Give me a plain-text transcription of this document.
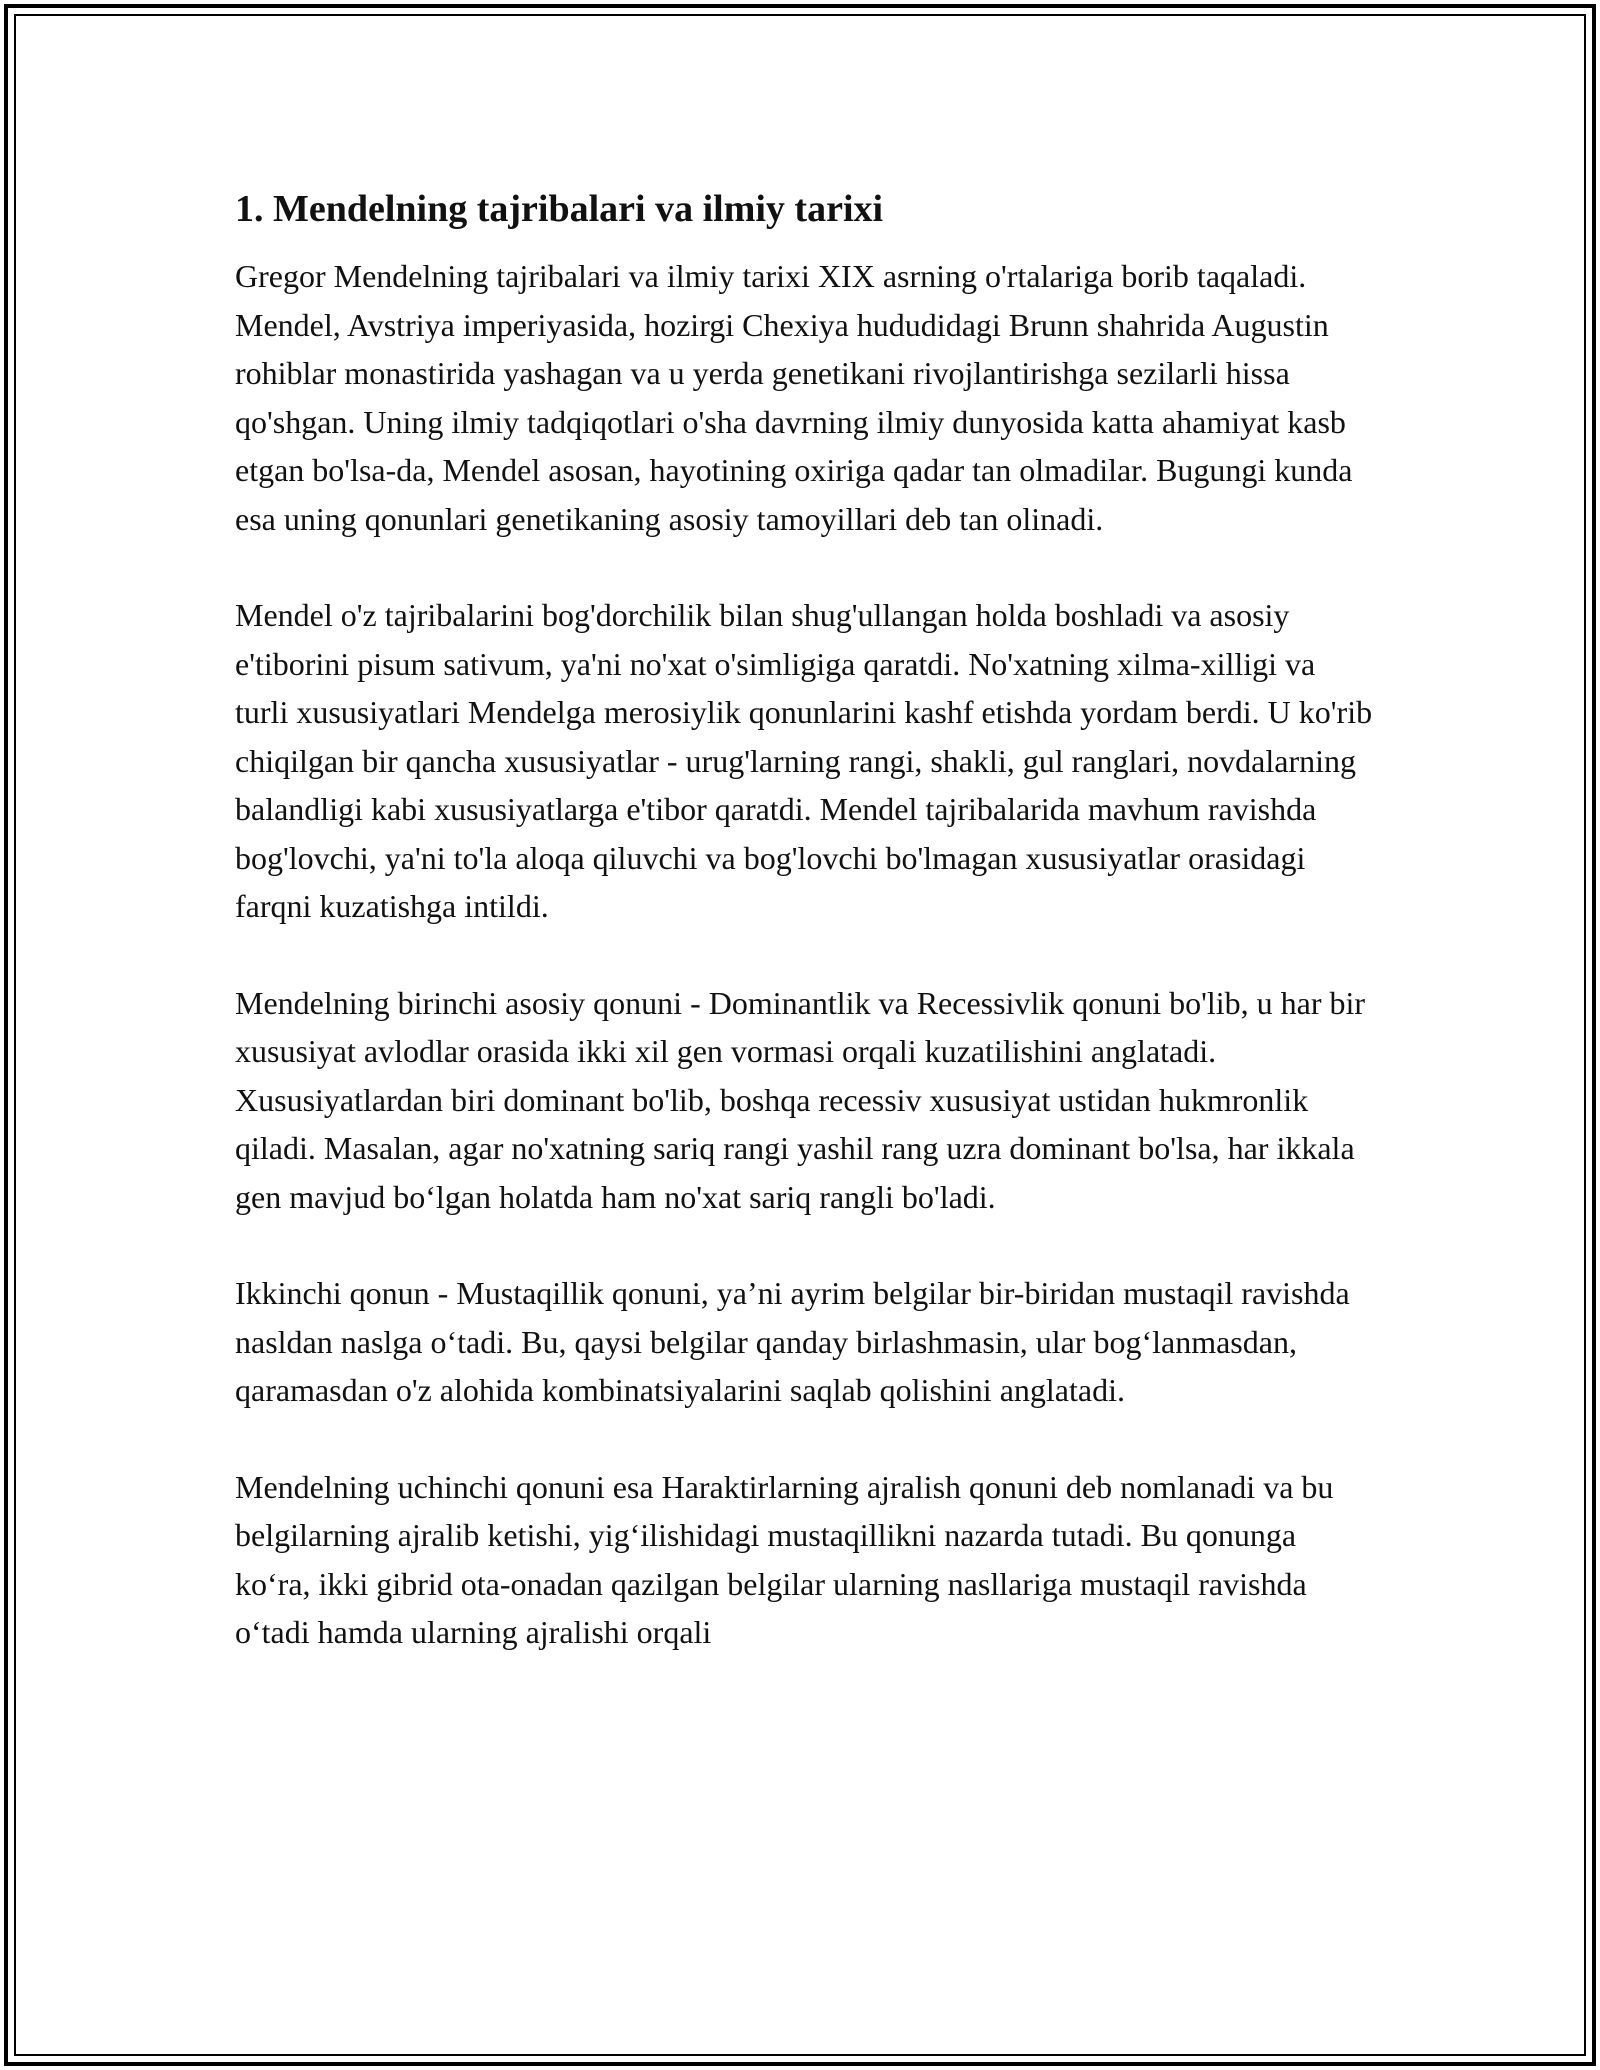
1. Mendelning tajribalari va ilmiy tarixi

Gregor Mendelning tajribalari va ilmiy tarixi XIX asrning o'rtalariga borib taqaladi. Mendel, Avstriya imperiyasida, hozirgi Chexiya hududidagi Brunn shahrida Augustin rohiblar monastirida yashagan va u yerda genetikani rivojlantirishga sezilarli hissa qo'shgan. Uning ilmiy tadqiqotlari o'sha davrning ilmiy dunyosida katta ahamiyat kasb etgan bo'lsa-da, Mendel asosan, hayotining oxiriga qadar tan olmadilar. Bugungi kunda esa uning qonunlari genetikaning asosiy tamoyillari deb tan olinadi.

Mendel o'z tajribalarini bog'dorchilik bilan shug'ullangan holda boshladi va asosiy e'tiborini pisum sativum, ya'ni no'xat o'simligiga qaratdi. No'xatning xilma-xilligi va turli xususiyatlari Mendelga merosiylik qonunlarini kashf etishda yordam berdi. U ko'rib chiqilgan bir qancha xususiyatlar - urug'larning rangi, shakli, gul ranglari, novdalarning balandligi kabi xususiyatlarga e'tibor qaratdi. Mendel tajribalarida mavhum ravishda bog'lovchi, ya'ni to'la aloqa qiluvchi va bog'lovchi bo'lmagan xususiyatlar orasidagi farqni kuzatishga intildi.

Mendelning birinchi asosiy qonuni - Dominantlik va Recessivlik qonuni bo'lib, u har bir xususiyat avlodlar orasida ikki xil gen vormasi orqali kuzatilishini anglatadi. Xususiyatlardan biri dominant bo'lib, boshqa recessiv xususiyat ustidan hukmronlik qiladi. Masalan, agar no'xatning sariq rangi yashil rang uzra dominant bo'lsa, har ikkala gen mavjud boʻlgan holatda ham no'xat sariq rangli bo'ladi.

Ikkinchi qonun - Mustaqillik qonuni, ya’ni ayrim belgilar bir-biridan mustaqil ravishda nasldan naslga oʻtadi. Bu, qaysi belgilar qanday birlashmasin, ular bogʻlanmasdan, qaramasdan o'z alohida kombinatsiyalarini saqlab qolishini anglatadi.

Mendelning uchinchi qonuni esa Haraktirlarning ajralish qonuni deb nomlanadi va bu belgilarning ajralib ketishi, yigʻilishidagi mustaqillikni nazarda tutadi. Bu qonunga koʻra, ikki gibrid ota-onadan qazilgan belgilar ularning nasllariga mustaqil ravishda oʻtadi hamda ularning ajralishi orqali
